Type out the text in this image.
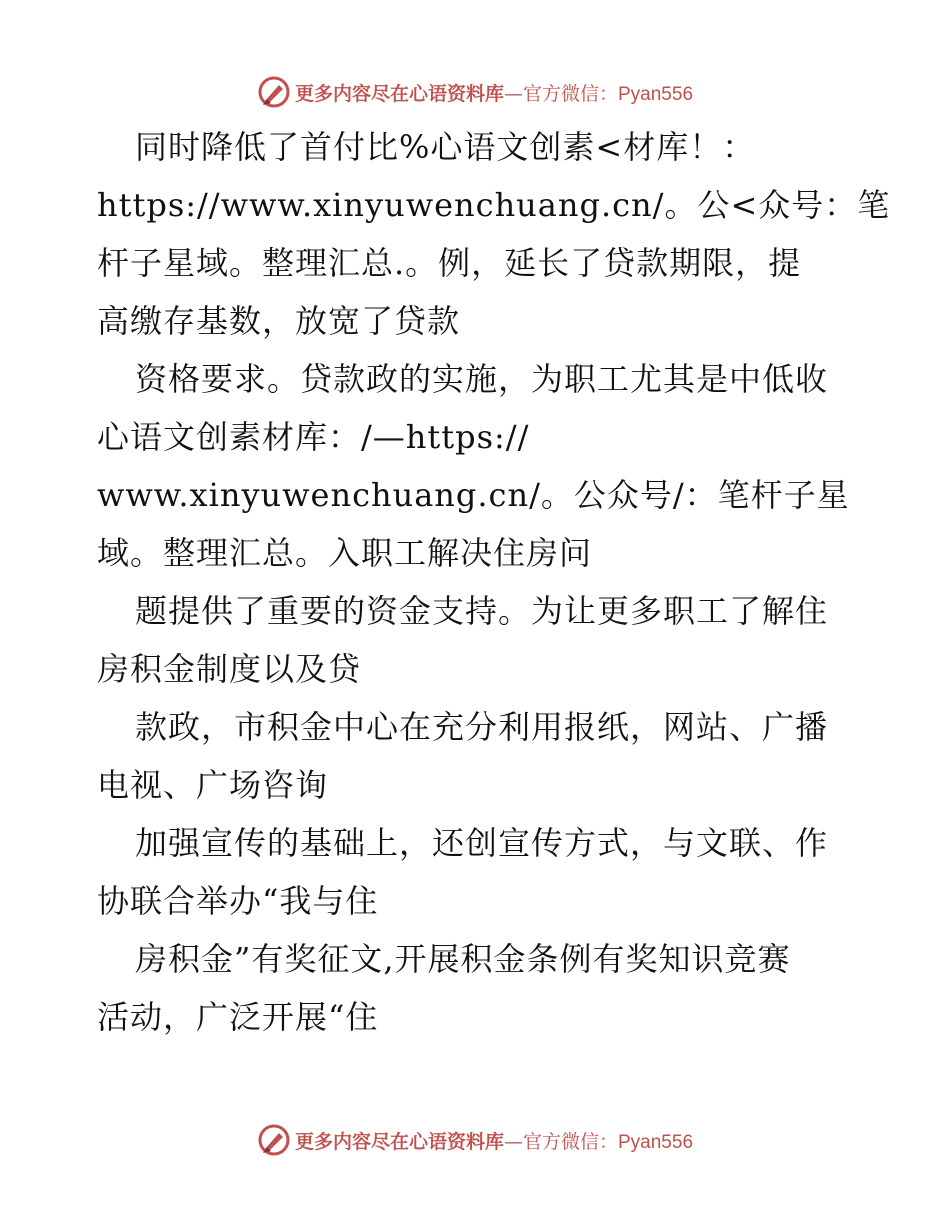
更多内容尽在心语资料库—官方微信：Pyan556

同时降低了首付比%心语文创素<材库！：

https://www.xinyuwenchuang.cn/。公<众号：笔

杆子星域。整理汇总.。例，延长了贷款期限，提

高缴存基数，放宽了贷款

资格要求。贷款政的实施，为职工尤其是中低收

心语文创素材库：/—https://

www.xinyuwenchuang.cn/。公众号/：笔杆子星

域。整理汇总。入职工解决住房问

题提供了重要的资金支持。为让更多职工了解住

房积金制度以及贷

款政，市积金中心在充分利用报纸，网站、广播

电视、广场咨询

加强宣传的基础上，还创宣传方式，与文联、作

协联合举办“我与住

房积金”有奖征文,开展积金条例有奖知识竞赛

活动，广泛开展“住

更多内容尽在心语资料库—官方微信：Pyan556
